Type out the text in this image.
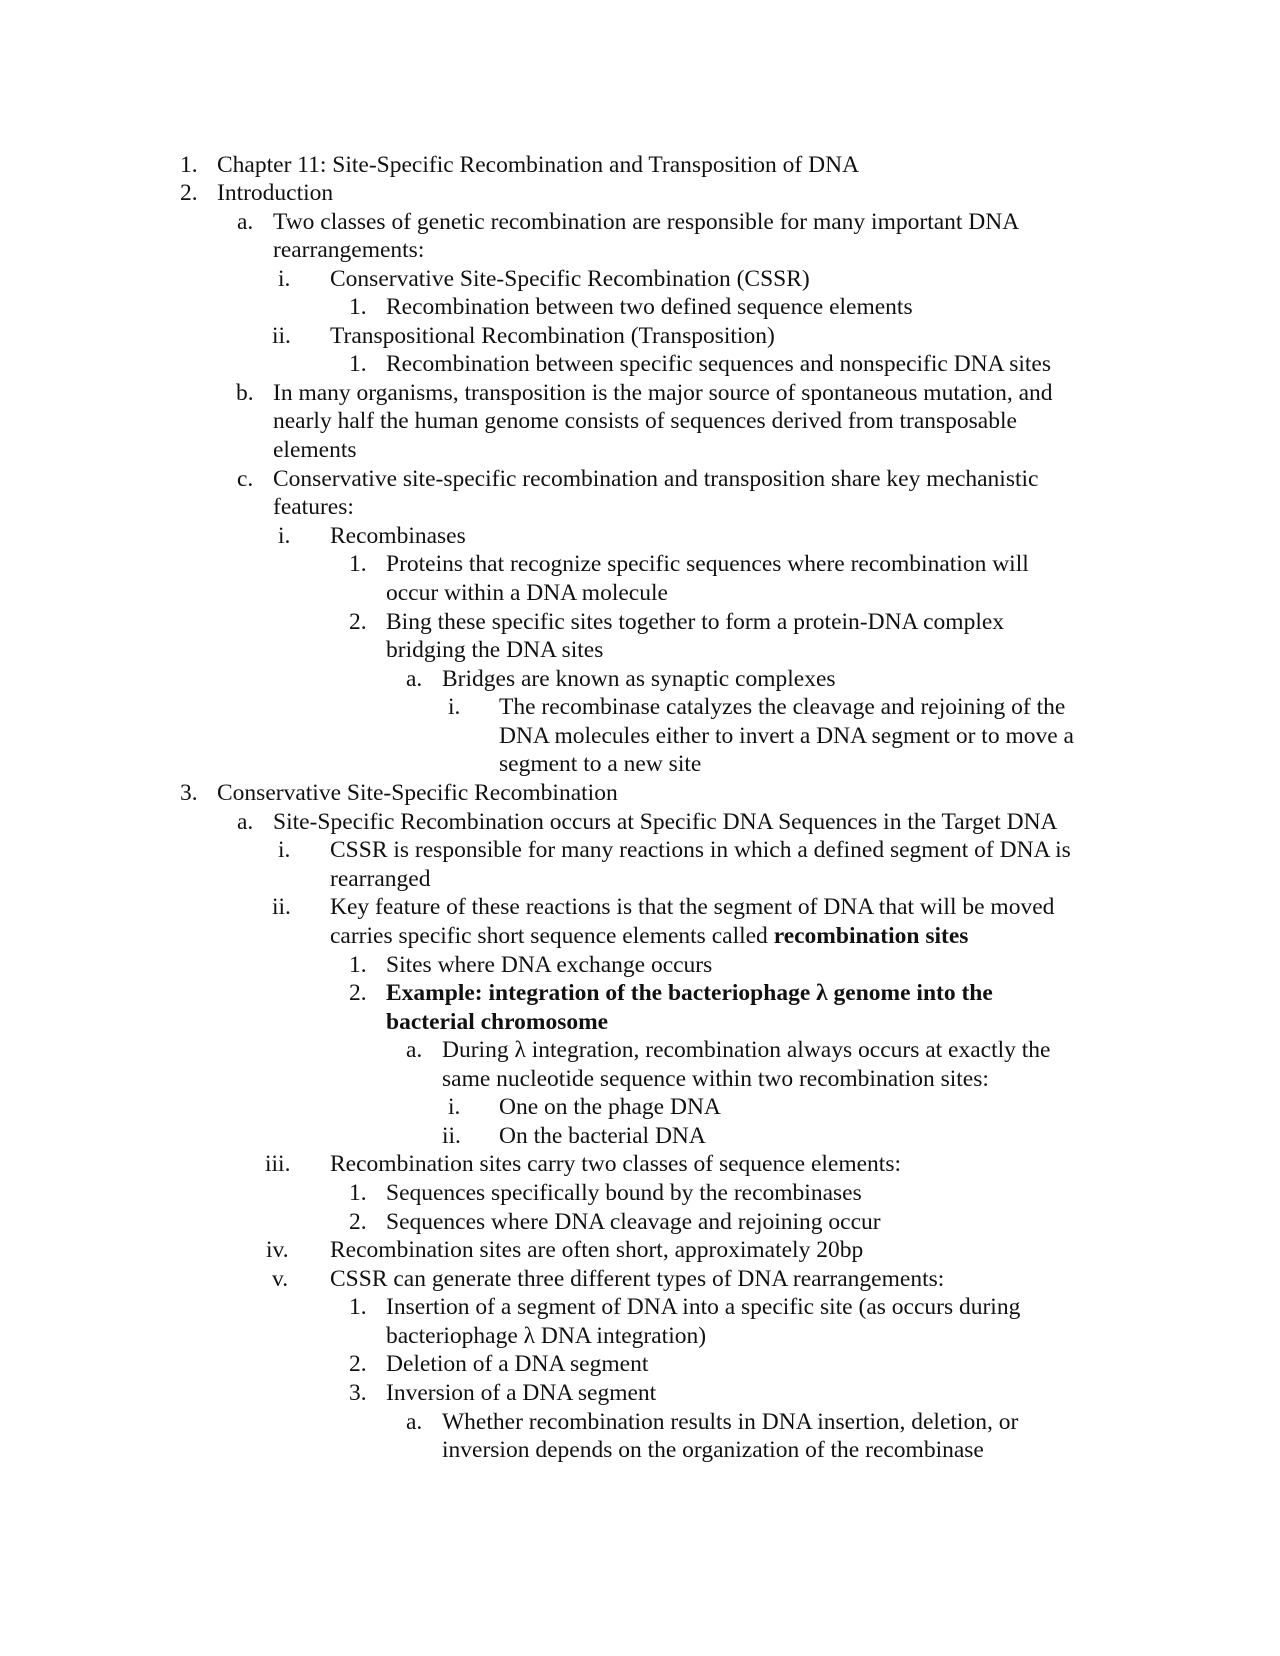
1. Chapter 11: Site-Specific Recombination and Transposition of DNA
2. Introduction
a. Two classes of genetic recombination are responsible for many important DNA
rearrangements:
i. Conservative Site-Specific Recombination (CSSR)
1. Recombination between two defined sequence elements
ii. Transpositional Recombination (Transposition)
1. Recombination between specific sequences and nonspecific DNA sites
b. In many organisms, transposition is the major source of spontaneous mutation, and
nearly half the human genome consists of sequences derived from transposable
elements
c. Conservative site-specific recombination and transposition share key mechanistic
features:
i. Recombinases
1. Proteins that recognize specific sequences where recombination will
occur within a DNA molecule
2. Bing these specific sites together to form a protein-DNA complex
bridging the DNA sites
a. Bridges are known as synaptic complexes
i. The recombinase catalyzes the cleavage and rejoining of the
DNA molecules either to invert a DNA segment or to move a
segment to a new site
3. Conservative Site-Specific Recombination
a. Site-Specific Recombination occurs at Specific DNA Sequences in the Target DNA
i. CSSR is responsible for many reactions in which a defined segment of DNA is
rearranged
ii. Key feature of these reactions is that the segment of DNA that will be moved
carries specific short sequence elements called recombination sites
1. Sites where DNA exchange occurs
2. Example: integration of the bacteriophage λ genome into the
bacterial chromosome
a. During λ integration, recombination always occurs at exactly the
same nucleotide sequence within two recombination sites:
i. One on the phage DNA
ii. On the bacterial DNA
iii. Recombination sites carry two classes of sequence elements:
1. Sequences specifically bound by the recombinases
2. Sequences where DNA cleavage and rejoining occur
iv. Recombination sites are often short, approximately 20bp
v. CSSR can generate three different types of DNA rearrangements:
1. Insertion of a segment of DNA into a specific site (as occurs during
bacteriophage λ DNA integration)
2. Deletion of a DNA segment
3. Inversion of a DNA segment
a. Whether recombination results in DNA insertion, deletion, or
inversion depends on the organization of the recombinase
